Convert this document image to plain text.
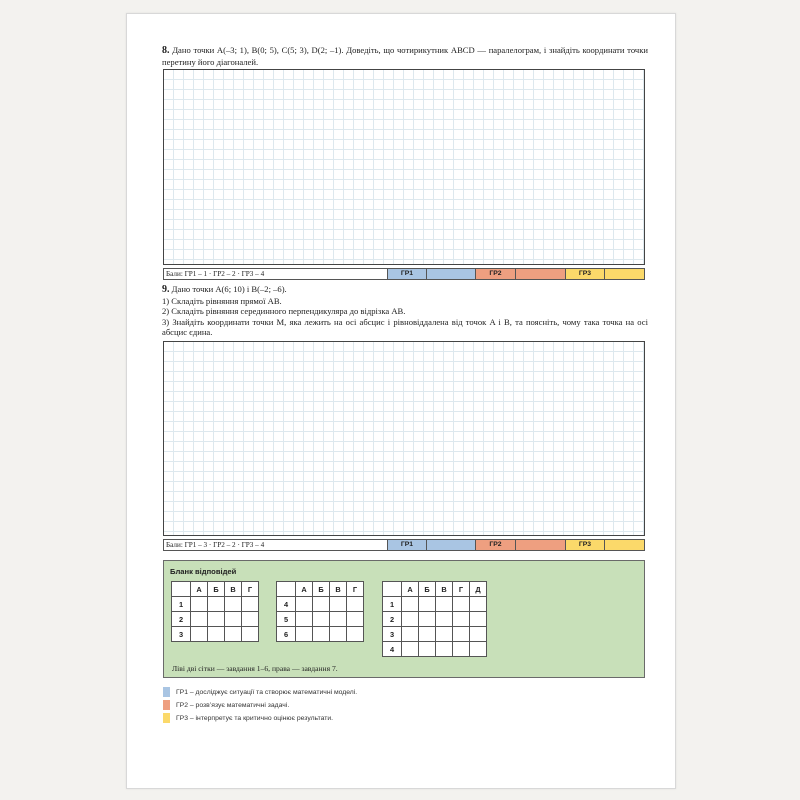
8. Дано точки A(–3; 1), B(0; 5), C(5; 3), D(2; –1). Доведіть, що чотирикутник ABCD — паралелограм, і знайдіть координати точки перетину його діагоналей.
Бали: ГР1 – 1 · ГР2 – 2 · ГР3 – 4	ГР1	ГР2	ГР3
9. Дано точки A(6; 10) і B(–2; –6).
1) Складіть рівняння прямої AB.
2) Складіть рівняння серединного перпендикуляра до відрізка AB.
3) Знайдіть координати точки M, яка лежить на осі абсцис і рівновіддалена від точок A і B, та поясніть, чому така точка на осі абсцис єдина.
Бали: ГР1 – 3 · ГР2 – 2 · ГР3 – 4	ГР1	ГР2	ГР3
Бланк відповідей
	А	Б	В	Г
1				
2				
3				
	А	Б	В	Г
4				
5				
6				
	А	Б	В	Г	Д
1					
2					
3					
4					
Ліві дві сітки — завдання 1–6, права — завдання 7.
ГР1 – досліджує ситуації та створює математичні моделі.
ГР2 – розв’язує математичні задачі.
ГР3 – інтерпретує та критично оцінює результати.
